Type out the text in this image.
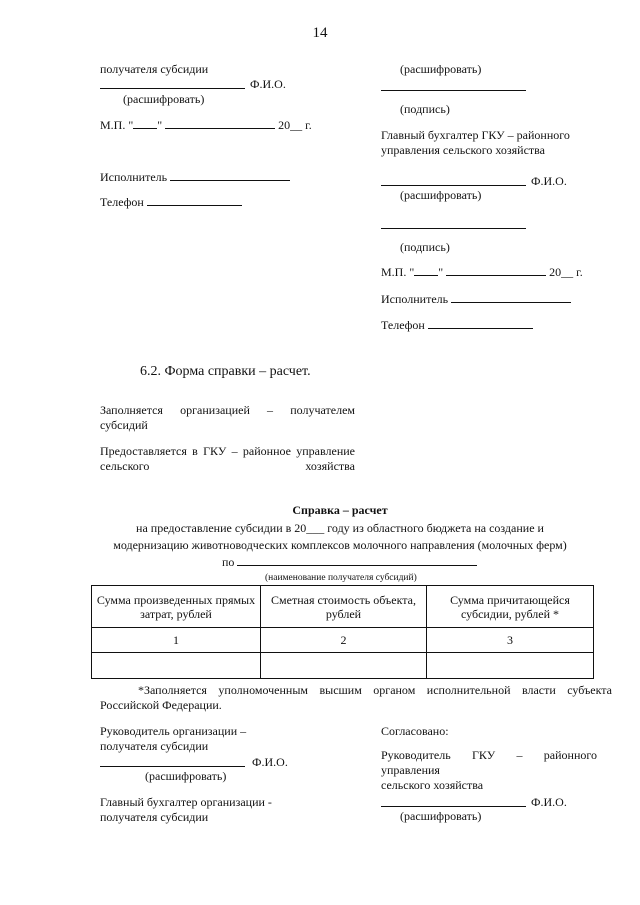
14
получателя субсидии
Ф.И.О.
(расшифровать)
М.П. " "	20__ г.
Исполнитель
Телефон
(расшифровать)
(подпись)
Главный бухгалтер ГКУ – районного
управления сельского хозяйства
Ф.И.О.
(расшифровать)
(подпись)
М.П. " "	20__ г.
Исполнитель
Телефон
6.2. Форма справки – расчет.
Заполняется организацией – получателем субсидий
Предоставляется в ГКУ – районное управление сельского хозяйства
Справка – расчет
на предоставление субсидии в 20___ году из областного бюджета на создание и
модернизацию животноводческих комплексов молочного направления (молочных ферм)
по
(наименование получателя субсидий)
Сумма произведенных прямых затрат, рублей	Сметная стоимость объекта, рублей	Сумма причитающейся субсидии, рублей *
1	2	3

*Заполняется уполномоченным высшим органом исполнительной власти субъекта Российской Федерации.
Руководитель организации –
получателя субсидии
Ф.И.О.
(расшифровать)
Главный бухгалтер организации -
получателя субсидии
Согласовано:
Руководитель ГКУ – районного
управления
сельского хозяйства
Ф.И.О.
(расшифровать)
